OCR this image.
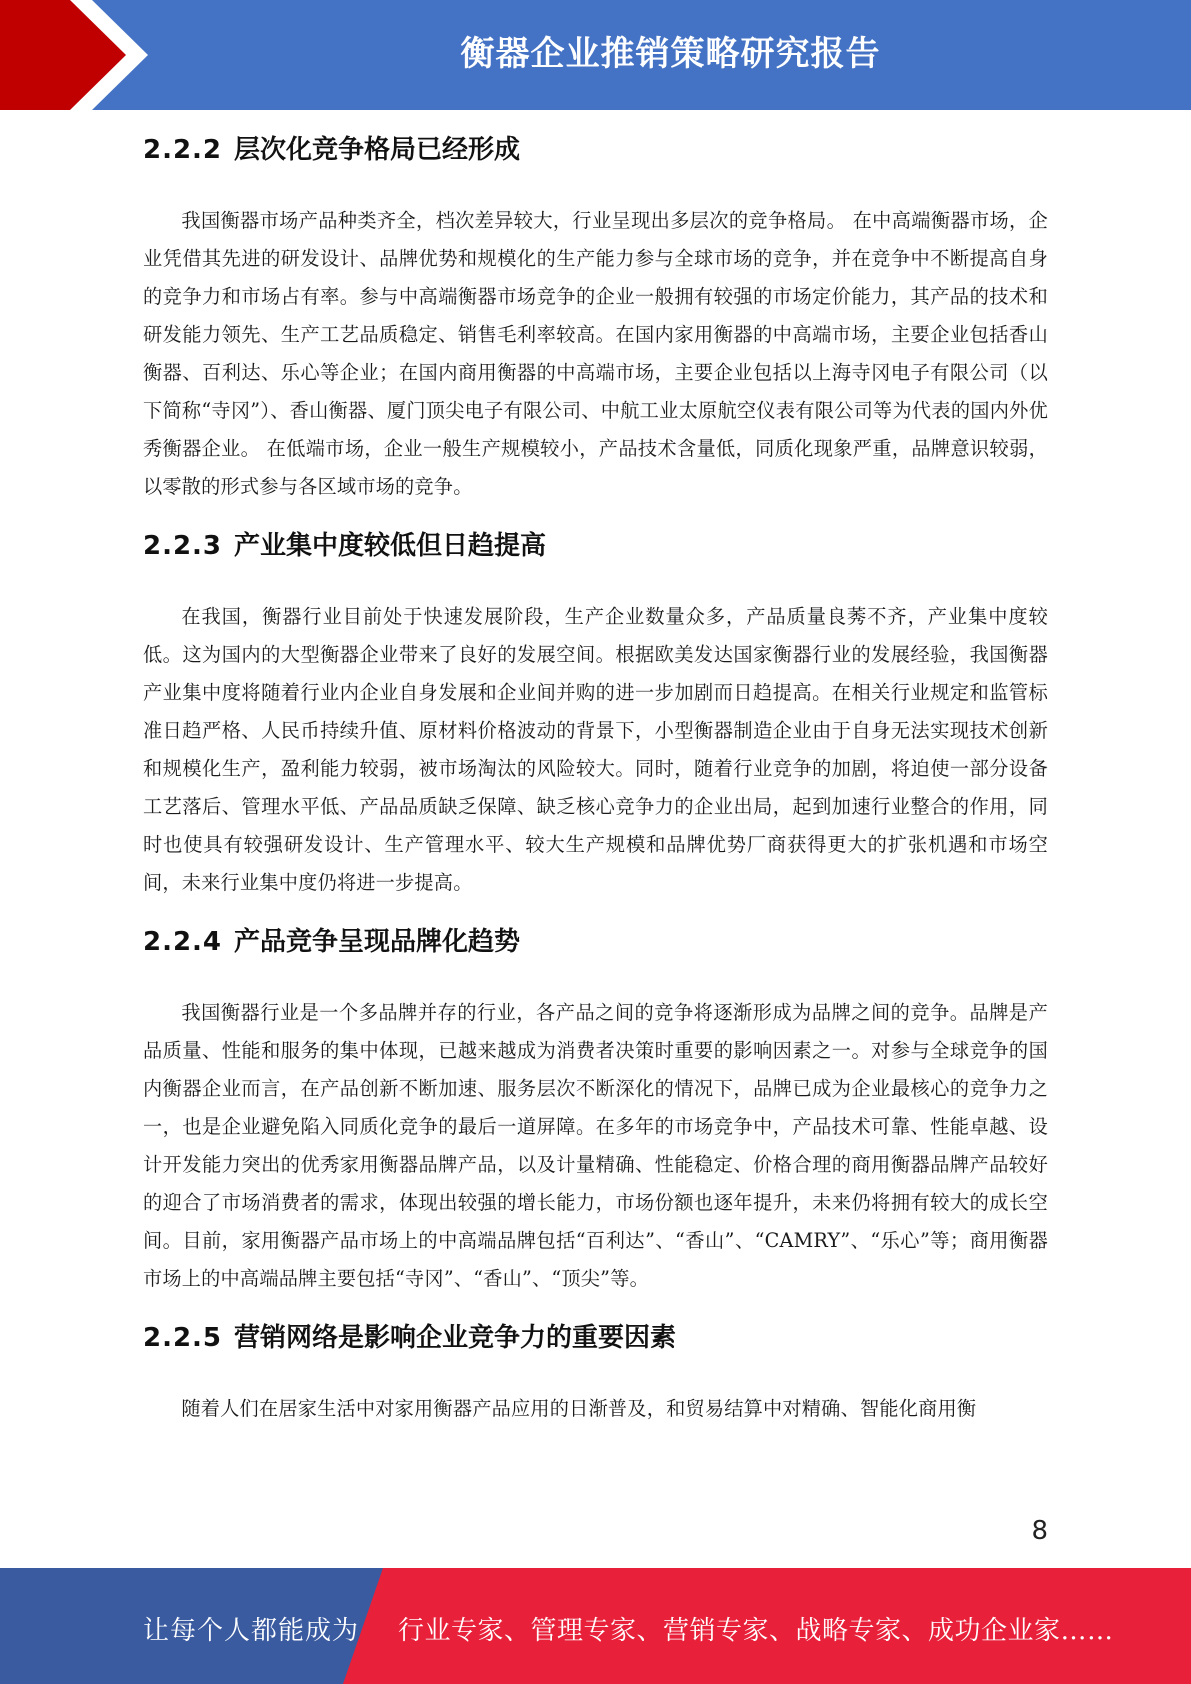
衡器企业推销策略研究报告
2.2.2 层次化竞争格局已经形成

我国衡器市场产品种类齐全，档次差异较大，行业呈现出多层次的竞争格局。 在中高端衡器市场，企业凭借其先进的研发设计、品牌优势和规模化的生产能力参与全球市场的竞争，并在竞争中不断提高自身的竞争力和市场占有率。参与中高端衡器市场竞争的企业一般拥有较强的市场定价能力，其产品的技术和研发能力领先、生产工艺品质稳定、销售毛利率较高。在国内家用衡器的中高端市场，主要企业包括香山衡器、百利达、乐心等企业；在国内商用衡器的中高端市场，主要企业包括以上海寺冈电子有限公司（以下简称“寺冈”）、香山衡器、厦门顶尖电子有限公司、中航工业太原航空仪表有限公司等为代表的国内外优秀衡器企业。 在低端市场，企业一般生产规模较小，产品技术含量低，同质化现象严重，品牌意识较弱，以零散的形式参与各区域市场的竞争。

2.2.3 产业集中度较低但日趋提高

在我国，衡器行业目前处于快速发展阶段，生产企业数量众多，产品质量良莠不齐，产业集中度较低。这为国内的大型衡器企业带来了良好的发展空间。根据欧美发达国家衡器行业的发展经验，我国衡器产业集中度将随着行业内企业自身发展和企业间并购的进一步加剧而日趋提高。在相关行业规定和监管标准日趋严格、人民币持续升值、原材料价格波动的背景下，小型衡器制造企业由于自身无法实现技术创新和规模化生产，盈利能力较弱，被市场淘汰的风险较大。同时，随着行业竞争的加剧，将迫使一部分设备工艺落后、管理水平低、产品品质缺乏保障、缺乏核心竞争力的企业出局，起到加速行业整合的作用，同时也使具有较强研发设计、生产管理水平、较大生产规模和品牌优势厂商获得更大的扩张机遇和市场空间，未来行业集中度仍将进一步提高。

2.2.4 产品竞争呈现品牌化趋势

我国衡器行业是一个多品牌并存的行业，各产品之间的竞争将逐渐形成为品牌之间的竞争。品牌是产品质量、性能和服务的集中体现，已越来越成为消费者决策时重要的影响因素之一。对参与全球竞争的国内衡器企业而言，在产品创新不断加速、服务层次不断深化的情况下，品牌已成为企业最核心的竞争力之一，也是企业避免陷入同质化竞争的最后一道屏障。在多年的市场竞争中，产品技术可靠、性能卓越、设计开发能力突出的优秀家用衡器品牌产品，以及计量精确、性能稳定、价格合理的商用衡器品牌产品较好的迎合了市场消费者的需求，体现出较强的增长能力，市场份额也逐年提升，未来仍将拥有较大的成长空间。目前，家用衡器产品市场上的中高端品牌包括“百利达”、“香山”、“CAMRY”、“乐心”等；商用衡器市场上的中高端品牌主要包括“寺冈”、“香山”、“顶尖”等。

2.2.5 营销网络是影响企业竞争力的重要因素

随着人们在居家生活中对家用衡器产品应用的日渐普及，和贸易结算中对精确、智能化商用衡

8
让每个人都能成为 行业专家、管理专家、营销专家、战略专家、成功企业家……
